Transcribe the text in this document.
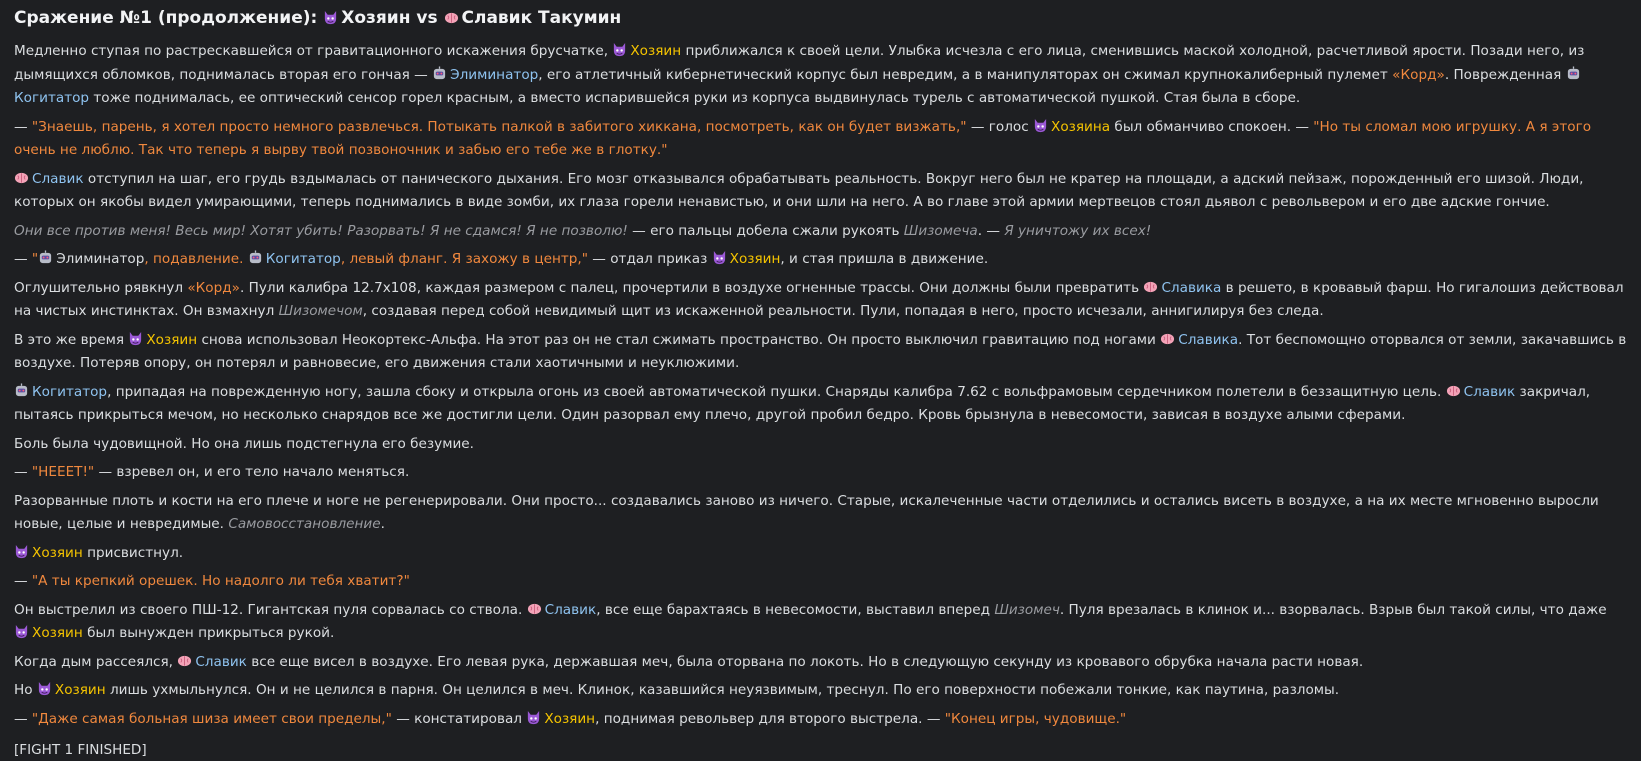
Сражение №1 (продолжение): Хозяин vs Славик Такумин
Медленно ступая по растрескавшейся от гравитационного искажения брусчатке, Хозяин приближался к своей цели. Улыбка исчезла с его лица, сменившись маской холодной, расчетливой ярости. Позади него, из дымящихся обломков, поднималась вторая его гончая — Элиминатор, его атлетичный кибернетический корпус был невредим, а в манипуляторах он сжимал крупнокалиберный пулемет «Корд». Поврежденная Когитатор тоже поднималась, ее оптический сенсор горел красным, а вместо испарившейся руки из корпуса выдвинулась турель с автоматической пушкой. Стая была в сборе.
— "Знаешь, парень, я хотел просто немного развлечься. Потыкать палкой в забитого хиккана, посмотреть, как он будет визжать," — голос Хозяина был обманчиво спокоен. — "Но ты сломал мою игрушку. А я этого очень не люблю. Так что теперь я вырву твой позвоночник и забью его тебе же в глотку."
Славик отступил на шаг, его грудь вздымалась от панического дыхания. Его мозг отказывался обрабатывать реальность. Вокруг него был не кратер на площади, а адский пейзаж, порожденный его шизой. Люди, которых он якобы видел умирающими, теперь поднимались в виде зомби, их глаза горели ненавистью, и они шли на него. А во главе этой армии мертвецов стоял дьявол с револьвером и его две адские гончие.
Они все против меня! Весь мир! Хотят убить! Разорвать! Я не сдамся! Я не позволю! — его пальцы добела сжали рукоять Шизомеча. — Я уничтожу их всех!
— " Элиминатор, подавление. Когитатор, левый фланг. Я захожу в центр," — отдал приказ Хозяин, и стая пришла в движение.
Оглушительно рявкнул «Корд». Пули калибра 12.7х108, каждая размером с палец, прочертили в воздухе огненные трассы. Они должны были превратить Славика в решето, в кровавый фарш. Но гигалошиз действовал на чистых инстинктах. Он взмахнул Шизомечом, создавая перед собой невидимый щит из искаженной реальности. Пули, попадая в него, просто исчезали, аннигилируя без следа.
В это же время Хозяин снова использовал Неокортекс-Альфа. На этот раз он не стал сжимать пространство. Он просто выключил гравитацию под ногами Славика. Тот беспомощно оторвался от земли, закачавшись в воздухе. Потеряв опору, он потерял и равновесие, его движения стали хаотичными и неуклюжими.
Когитатор, припадая на поврежденную ногу, зашла сбоку и открыла огонь из своей автоматической пушки. Снаряды калибра 7.62 с вольфрамовым сердечником полетели в беззащитную цель. Славик закричал, пытаясь прикрыться мечом, но несколько снарядов все же достигли цели. Один разорвал ему плечо, другой пробил бедро. Кровь брызнула в невесомости, зависая в воздухе алыми сферами.
Боль была чудовищной. Но она лишь подстегнула его безумие.
— "НЕЕЕТ!" — взревел он, и его тело начало меняться.
Разорванные плоть и кости на его плече и ноге не регенерировали. Они просто... создавались заново из ничего. Старые, искалеченные части отделились и остались висеть в воздухе, а на их месте мгновенно выросли новые, целые и невредимые. Самовосстановление.
Хозяин присвистнул.
— "А ты крепкий орешек. Но надолго ли тебя хватит?"
Он выстрелил из своего ПШ-12. Гигантская пуля сорвалась со ствола. Славик, все еще барахтаясь в невесомости, выставил вперед Шизомеч. Пуля врезалась в клинок и... взорвалась. Взрыв был такой силы, что даже Хозяин был вынужден прикрыться рукой.
Когда дым рассеялся, Славик все еще висел в воздухе. Его левая рука, державшая меч, была оторвана по локоть. Но в следующую секунду из кровавого обрубка начала расти новая.
Но Хозяин лишь ухмыльнулся. Он и не целился в парня. Он целился в меч. Клинок, казавшийся неуязвимым, треснул. По его поверхности побежали тонкие, как паутина, разломы.
— "Даже самая больная шиза имеет свои пределы," — констатировал Хозяин, поднимая револьвер для второго выстрела. — "Конец игры, чудовище."
[FIGHT 1 FINISHED]
